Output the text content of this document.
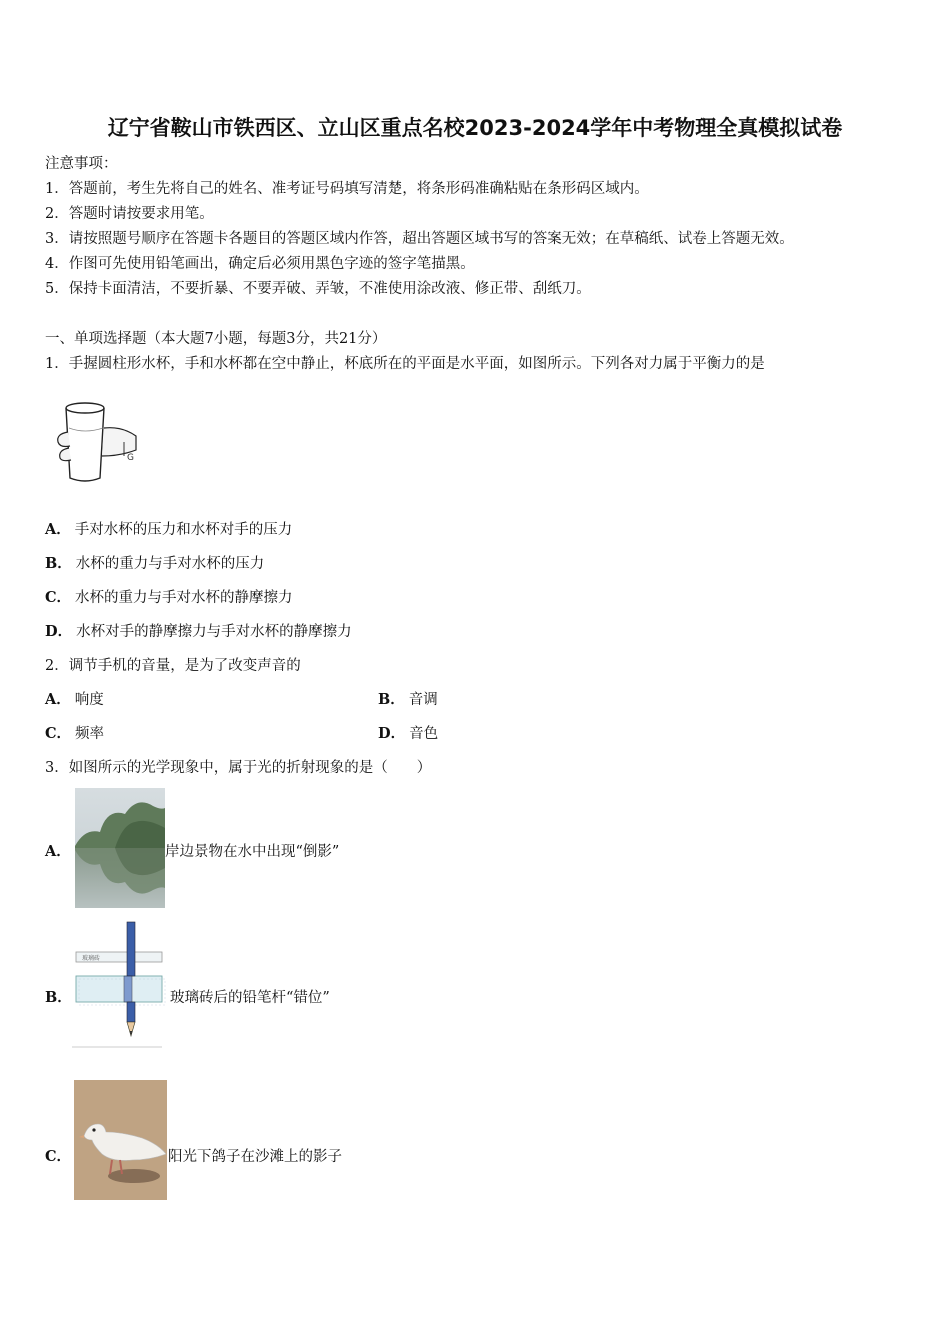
辽宁省鞍山市铁西区、立山区重点名校2023-2024学年中考物理全真模拟试卷
注意事项：
1．答题前，考生先将自己的姓名、准考证号码填写清楚，将条形码准确粘贴在条形码区域内。
2．答题时请按要求用笔。
3．请按照题号顺序在答题卡各题目的答题区域内作答，超出答题区域书写的答案无效；在草稿纸、试卷上答题无效。
4．作图可先使用铅笔画出，确定后必须用黑色字迹的签字笔描黑。
5．保持卡面清洁，不要折暴、不要弄破、弄皱，不准使用涂改液、修正带、刮纸刀。
一、单项选择题（本大题7小题，每题3分，共21分）
1．手握圆柱形水杯，手和水杯都在空中静止，杯底所在的平面是水平面，如图所示。下列各对力属于平衡力的是
G
A． 手对水杯的压力和水杯对手的压力
B． 水杯的重力与手对水杯的压力
C． 水杯的重力与手对水杯的静摩擦力
D． 水杯对手的静摩擦力与手对水杯的静摩擦力
2．调节手机的音量，是为了改变声音的
A． 响度	B． 音调
C． 频率	D． 音色
3．如图所示的光学现象中，属于光的折射现象的是（　　）
A．	岸边景物在水中出现“倒影”
B．
玻璃砖
玻璃砖后的铅笔杆“错位”
C．	阳光下鸽子在沙滩上的影子
